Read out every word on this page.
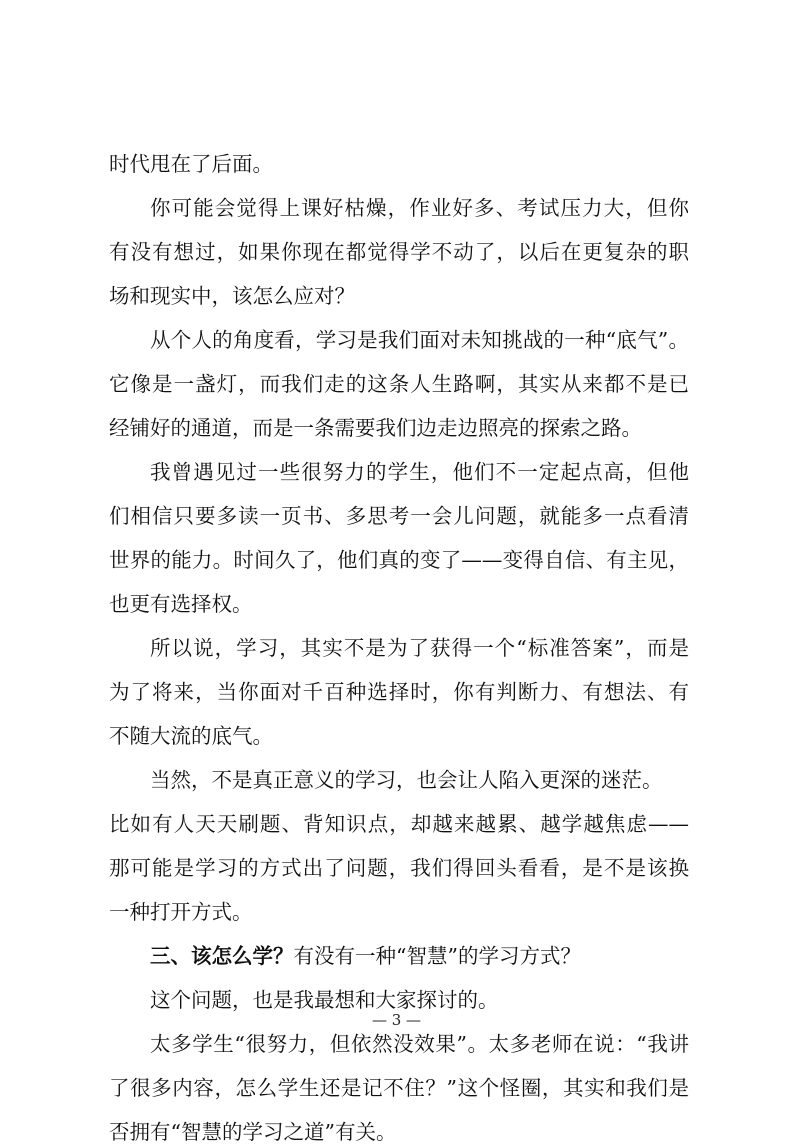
时代甩在了后面。
你可能会觉得上课好枯燥，作业好多、考试压力大，但你
有没有想过，如果你现在都觉得学不动了，以后在更复杂的职
场和现实中，该怎么应对？
从个人的角度看，学习是我们面对未知挑战的一种“底气”。
它像是一盏灯，而我们走的这条人生路啊，其实从来都不是已
经铺好的通道，而是一条需要我们边走边照亮的探索之路。
我曾遇见过一些很努力的学生，他们不一定起点高，但他
们相信只要多读一页书、多思考一会儿问题，就能多一点看清
世界的能力。时间久了，他们真的变了——变得自信、有主见，
也更有选择权。
所以说，学习，其实不是为了获得一个“标准答案”，而是
为了将来，当你面对千百种选择时，你有判断力、有想法、有
不随大流的底气。
当然，不是真正意义的学习，也会让人陷入更深的迷茫。
比如有人天天刷题、背知识点，却越来越累、越学越焦虑——
那可能是学习的方式出了问题，我们得回头看看，是不是该换
一种打开方式。
三、该怎么学？有没有一种“智慧”的学习方式？
这个问题，也是我最想和大家探讨的。
太多学生“很努力，但依然没效果”。太多老师在说：“我讲
了很多内容，怎么学生还是记不住？”这个怪圈，其实和我们是
否拥有“智慧的学习之道”有关。
— 3 —
